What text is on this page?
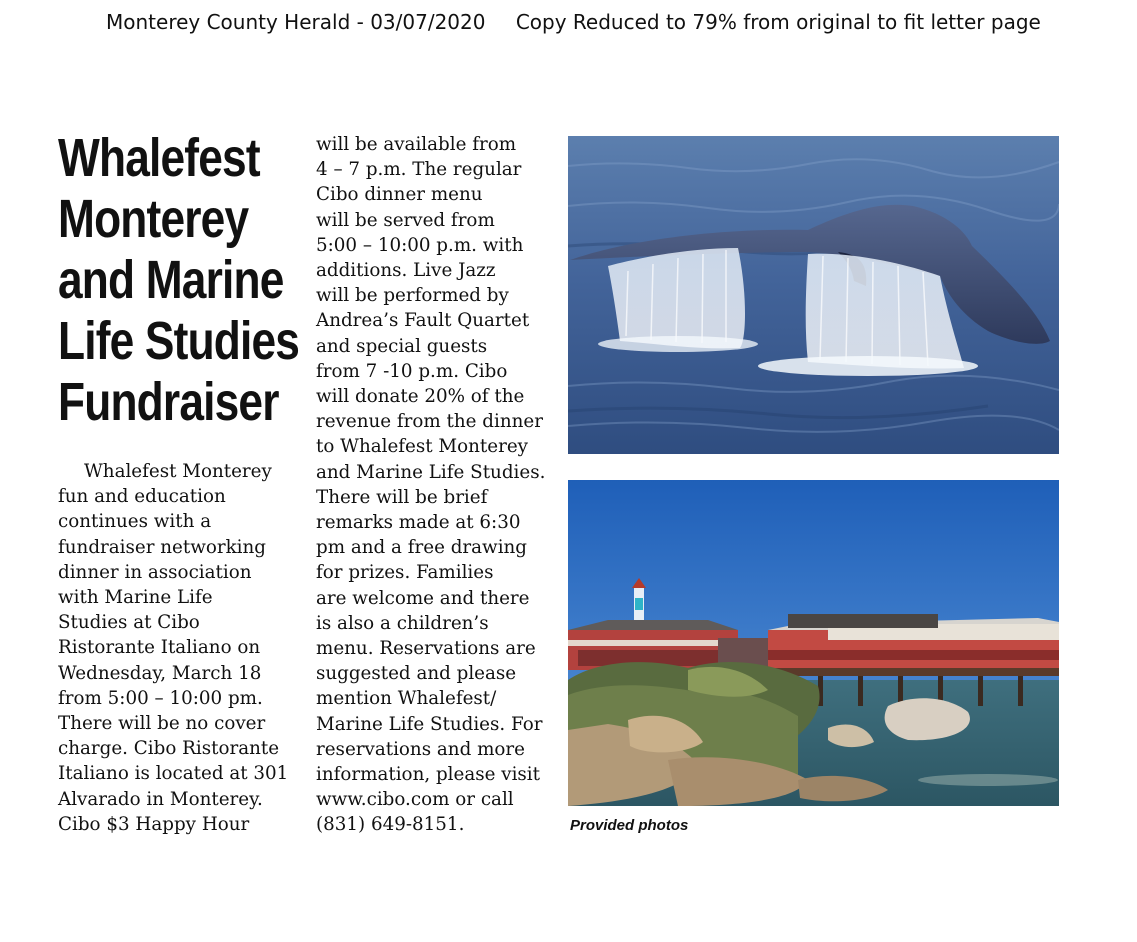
Monterey County Herald - 03/07/2020 Copy Reduced to 79% from original to fit letter page
Whalefest
Monterey
and Marine
Life Studies
Fundraiser
Whalefest Monterey
fun and education
continues with a
fundraiser networking
dinner in association
with Marine Life
Studies at Cibo
Ristorante Italiano on
Wednesday, March 18
from 5:00 – 10:00 pm.
There will be no cover
charge. Cibo Ristorante
Italiano is located at 301
Alvarado in Monterey.
Cibo $3 Happy Hour
will be available from
4 – 7 p.m. The regular
Cibo dinner menu
will be served from
5:00 – 10:00 p.m. with
additions. Live Jazz
will be performed by
Andrea’s Fault Quartet
and special guests
from 7 -10 p.m. Cibo
will donate 20% of the
revenue from the dinner
to Whalefest Monterey
and Marine Life Studies.
There will be brief
remarks made at 6:30
pm and a free drawing
for prizes. Families
are welcome and there
is also a children’s
menu. Reservations are
suggested and please
mention Whalefest/
Marine Life Studies. For
reservations and more
information, please visit
www.cibo.com or call
(831) 649-8151.	Provided photos
